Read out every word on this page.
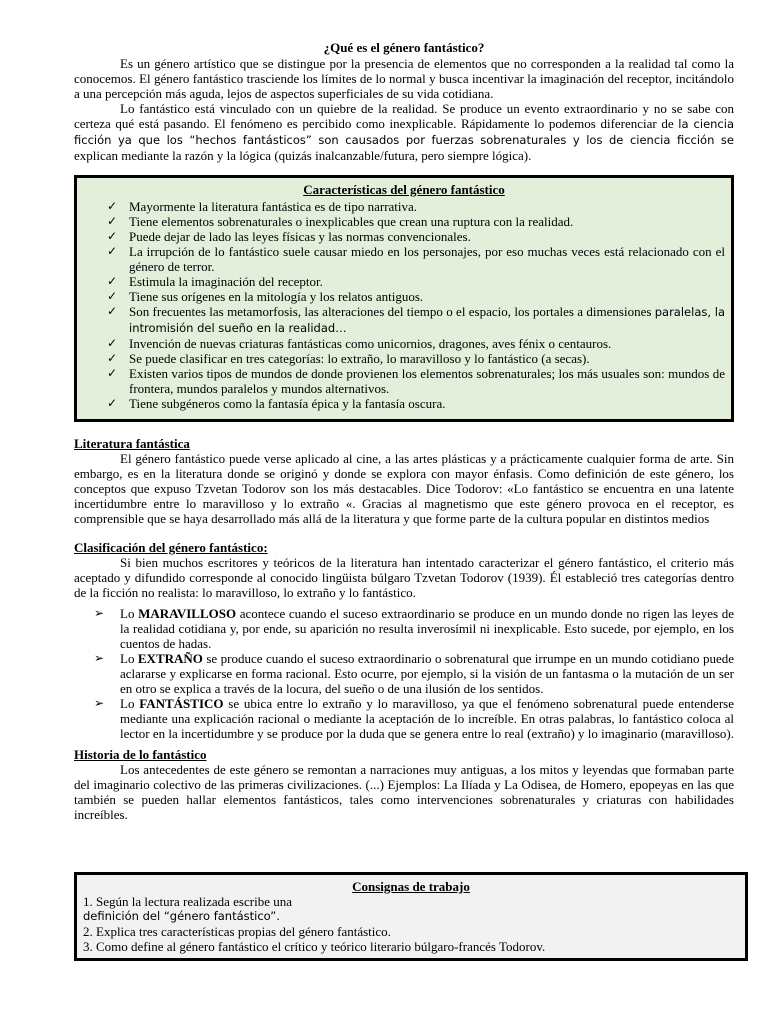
¿Qué es el género fantástico?

Es un género artístico que se distingue por la presencia de elementos que no corresponden a la realidad tal como la conocemos. El género fantástico trasciende los límites de lo normal y busca incentivar la imaginación del receptor, incitándolo a una percepción más aguda, lejos de aspectos superficiales de su vida cotidiana.

Lo fantástico está vinculado con un quiebre de la realidad. Se produce un evento extraordinario y no se sabe con certeza qué está pasando. El fenómeno es percibido como inexplicable. Rápidamente lo podemos diferenciar de la ciencia ficción ya que los “hechos fantásticos” son causados por fuerzas sobrenaturales y los de ciencia ficción se explican mediante la razón y la lógica (quizás inalcanzable/futura, pero siempre lógica).

Características del género fantástico
✓ Mayormente la literatura fantástica es de tipo narrativa.
✓ Tiene elementos sobrenaturales o inexplicables que crean una ruptura con la realidad.
✓ Puede dejar de lado las leyes físicas y las normas convencionales.
✓ La irrupción de lo fantástico suele causar miedo en los personajes, por eso muchas veces está relacionado con el género de terror.
✓ Estimula la imaginación del receptor.
✓ Tiene sus orígenes en la mitología y los relatos antiguos.
✓ Son frecuentes las metamorfosis, las alteraciones del tiempo o el espacio, los portales a dimensiones paralelas, la intromisión del sueño en la realidad…
✓ Invención de nuevas criaturas fantásticas como unicornios, dragones, aves fénix o centauros.
✓ Se puede clasificar en tres categorías: lo extraño, lo maravilloso y lo fantástico (a secas).
✓ Existen varios tipos de mundos de donde provienen los elementos sobrenaturales; los más usuales son: mundos de frontera, mundos paralelos y mundos alternativos.
✓ Tiene subgéneros como la fantasía épica y la fantasía oscura.
Literatura fantástica

El género fantástico puede verse aplicado al cine, a las artes plásticas y a prácticamente cualquier forma de arte. Sin embargo, es en la literatura donde se originó y donde se explora con mayor énfasis. Como definición de este género, los conceptos que expuso Tzvetan Todorov son los más destacables. Dice Todorov: «Lo fantástico se encuentra en una latente incertidumbre entre lo maravilloso y lo extraño «. Gracias al magnetismo que este género provoca en el receptor, es comprensible que se haya desarrollado más allá de la literatura y que forme parte de la cultura popular en distintos medios

Clasificación del género fantástico:

Si bien muchos escritores y teóricos de la literatura han intentado caracterizar el género fantástico, el criterio más aceptado y difundido corresponde al conocido lingüista búlgaro Tzvetan Todorov (1939). Él estableció tres categorías dentro de la ficción no realista: lo maravilloso, lo extraño y lo fantástico.

➢ Lo MARAVILLOSO acontece cuando el suceso extraordinario se produce en un mundo donde no rigen las leyes de la realidad cotidiana y, por ende, su aparición no resulta inverosímil ni inexplicable. Esto sucede, por ejemplo, en los cuentos de hadas.
➢ Lo EXTRAÑO se produce cuando el suceso extraordinario o sobrenatural que irrumpe en un mundo cotidiano puede aclararse y explicarse en forma racional. Esto ocurre, por ejemplo, si la visión de un fantasma o la mutación de un ser en otro se explica a través de la locura, del sueño o de una ilusión de los sentidos.
➢ Lo FANTÁSTICO se ubica entre lo extraño y lo maravilloso, ya que el fenómeno sobrenatural puede entenderse mediante una explicación racional o mediante la aceptación de lo increíble. En otras palabras, lo fantástico coloca al lector en la incertidumbre y se produce por la duda que se genera entre lo real (extraño) y lo imaginario (maravilloso).
Historia de lo fantástico

Los antecedentes de este género se remontan a narraciones muy antiguas, a los mitos y leyendas que formaban parte del imaginario colectivo de las primeras civilizaciones. (...) Ejemplos: La Ilíada y La Odisea, de Homero, epopeyas en las que también se pueden hallar elementos fantásticos, tales como intervenciones sobrenaturales y criaturas con habilidades increíbles.

Consignas de trabajo
1. Según la lectura realizada escribe una
definición del “género fantástico”.
2. Explica tres características propias del género fantástico.
3. Como define al género fantástico el crítico y teórico literario búlgaro-francés Todorov.
